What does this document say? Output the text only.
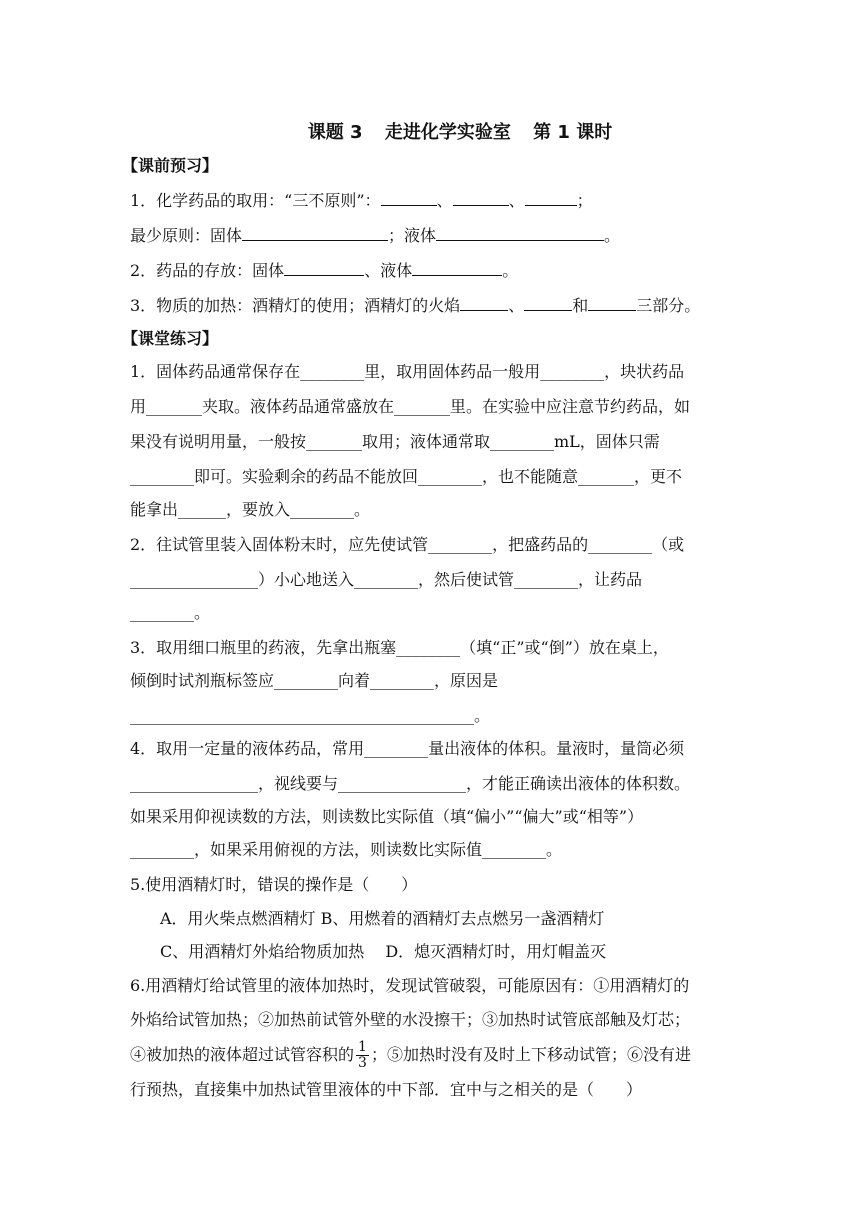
课题 3 走进化学实验室 第 1 课时
【课前预习】
1．化学药品的取用：“三不原则”：	、	、	；
最少原则：固体	；液体	。
2．药品的存放：固体	、液体	。
3．物质的加热：酒精灯的使用；酒精灯的火焰	、	和	三部分。
【课堂练习】
1．固体药品通常保存在________里，取用固体药品一般用________，块状药品
用_______夹取。液体药品通常盛放在_______里。在实验中应注意节约药品，如
果没有说明用量，一般按_______取用；液体通常取________mL，固体只需
________即可。实验剩余的药品不能放回________，也不能随意_______，更不
能拿出______，要放入________。
2．往试管里装入固体粉末时，应先使试管________，把盛药品的________（或
________________）小心地送入________，然后使试管________，让药品
________。
3．取用细口瓶里的药液，先拿出瓶塞________（填“正”或“倒”）放在桌上，
倾倒时试剂瓶标签应________向着________，原因是
___________________________________________。
4．取用一定量的液体药品，常用________量出液体的体积。量液时，量筒必须
________________，视线要与________________，才能正确读出液体的体积数。
如果采用仰视读数的方法，则读数比实际值（填“偏小”“偏大”或“相等”）
________，如果采用俯视的方法，则读数比实际值________。
5.使用酒精灯时，错误的操作是（　　）
A．用火柴点燃酒精灯 B、用燃着的酒精灯去点燃另一盏酒精灯
C、用酒精灯外焰给物质加热　 D．熄灭酒精灯时，用灯帽盖灭
6.用酒精灯给试管里的液体加热时，发现试管破裂，可能原因有：①用酒精灯的
外焰给试管加热；②加热前试管外壁的水没擦干；③加热时试管底部触及灯芯；
④被加热的液体超过试管容积的 $\frac{1}{3}$ ；⑤加热时没有及时上下移动试管；⑥没有进
行预热，直接集中加热试管里液体的中下部．宜中与之相关的是（　　）
